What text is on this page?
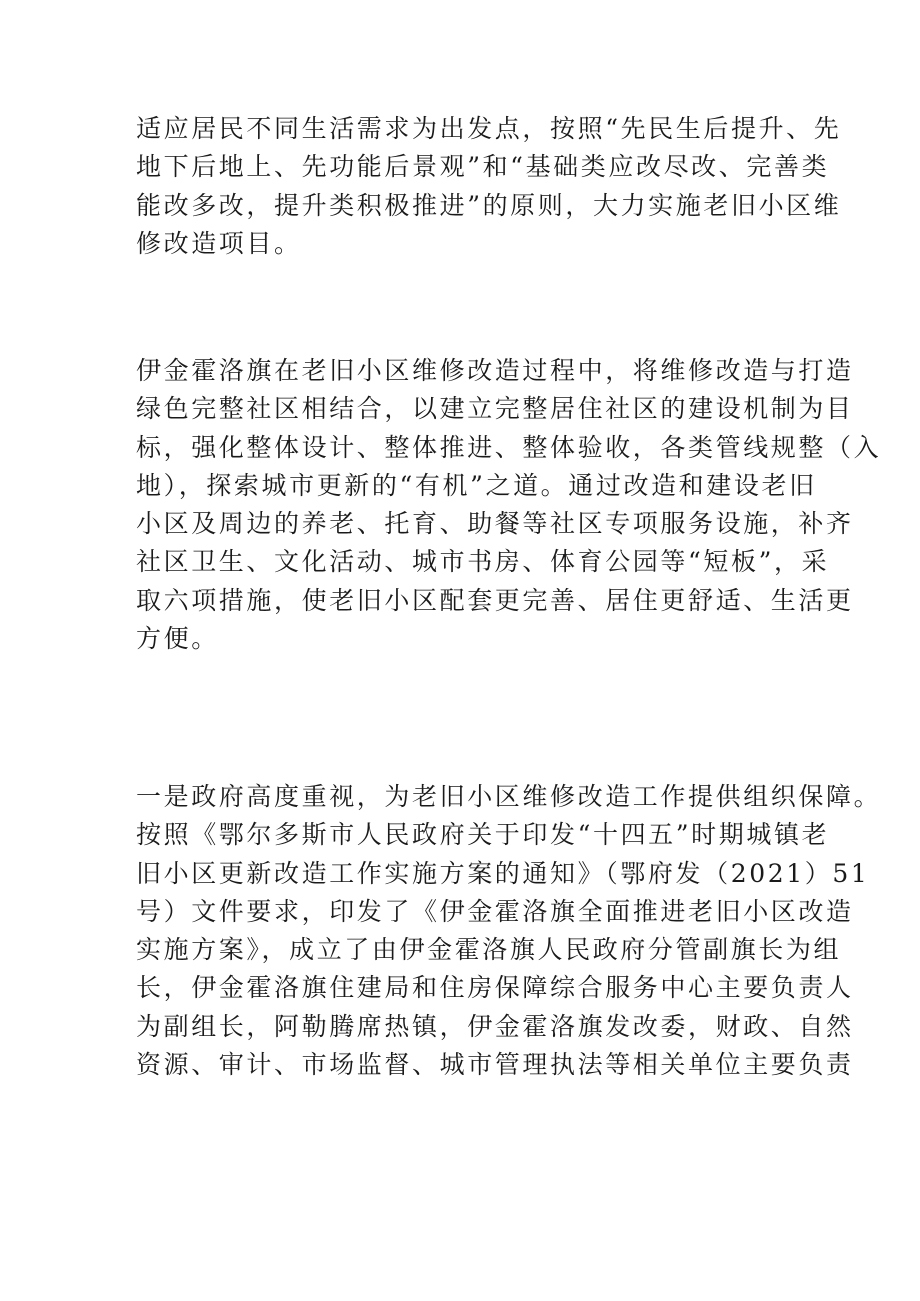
适应居民不同生活需求为出发点，按照“先民生后提升、先
地下后地上、先功能后景观”和“基础类应改尽改、完善类
能改多改，提升类积极推进”的原则，大力实施老旧小区维
修改造项目。
伊金霍洛旗在老旧小区维修改造过程中，将维修改造与打造
绿色完整社区相结合，以建立完整居住社区的建设机制为目
标，强化整体设计、整体推进、整体验收，各类管线规整（入
地），探索城市更新的“有机”之道。通过改造和建设老旧
小区及周边的养老、托育、助餐等社区专项服务设施，补齐
社区卫生、文化活动、城市书房、体育公园等“短板”，采
取六项措施，使老旧小区配套更完善、居住更舒适、生活更
方便。
一是政府高度重视，为老旧小区维修改造工作提供组织保障。
按照《鄂尔多斯市人民政府关于印发“十四五”时期城镇老
旧小区更新改造工作实施方案的通知》（鄂府发（2021）51
号）文件要求，印发了《伊金霍洛旗全面推进老旧小区改造
实施方案》，成立了由伊金霍洛旗人民政府分管副旗长为组
长，伊金霍洛旗住建局和住房保障综合服务中心主要负责人
为副组长，阿勒腾席热镇，伊金霍洛旗发改委，财政、自然
资源、审计、市场监督、城市管理执法等相关单位主要负责
